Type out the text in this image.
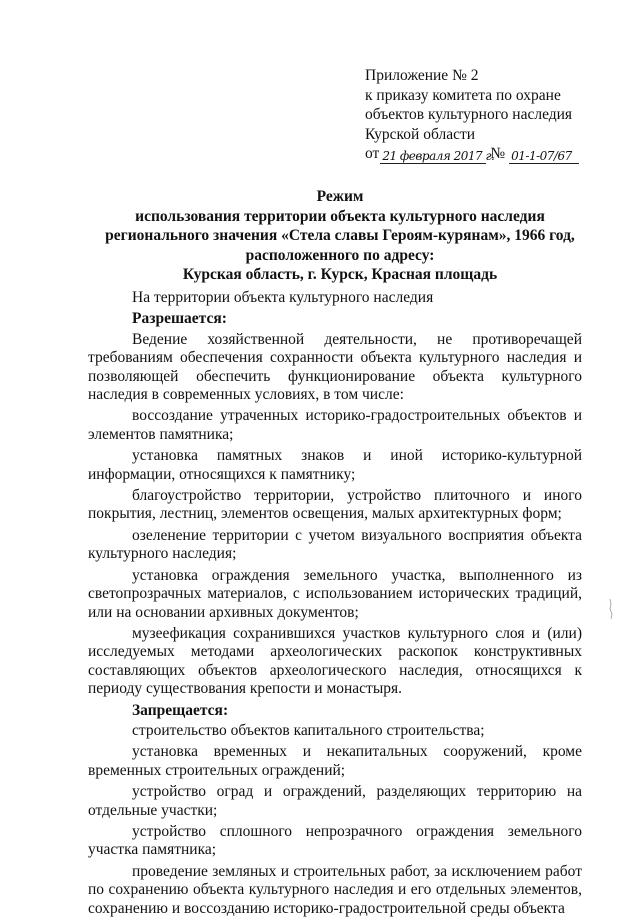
Приложение № 2
к приказу комитета по охране
объектов культурного наследия
Курской области
от 21 февраля 2017 г.
№ 01-1-07/67
Режим
использования территории объекта культурного наследия
регионального значения «Стела славы Героям-курянам», 1966 год,
расположенного по адресу:
Курская область, г. Курск, Красная площадь

На территории объекта культурного наследия

Разрешается:

Ведение хозяйственной деятельности, не противоречащей требованиям обеспечения сохранности объекта культурного наследия и позволяющей обеспечить функционирование объекта культурного наследия в современных условиях, в том числе:

воссоздание утраченных историко-градостроительных объектов и элементов памятника;

установка памятных знаков и иной историко-культурной информации, относящихся к памятнику;

благоустройство территории, устройство плиточного и иного покрытия, лестниц, элементов освещения, малых архитектурных форм;

озеленение территории с учетом визуального восприятия объекта культурного наследия;

установка ограждения земельного участка, выполненного из светопрозрачных материалов, с использованием исторических традиций, или на основании архивных документов;

музеефикация сохранившихся участков культурного слоя и (или) исследуемых методами археологических раскопок конструктивных составляющих объектов археологического наследия, относящихся к периоду существования крепости и монастыря.

Запрещается:

строительство объектов капитального строительства;

установка временных и некапитальных сооружений, кроме временных строительных ограждений;

устройство оград и ограждений, разделяющих территорию на отдельные участки;

устройство сплошного непрозрачного ограждения земельного участка памятника;

проведение земляных и строительных работ, за исключением работ по сохранению объекта культурного наследия и его отдельных элементов, сохранению и воссозданию историко-градостроительной среды объекта
